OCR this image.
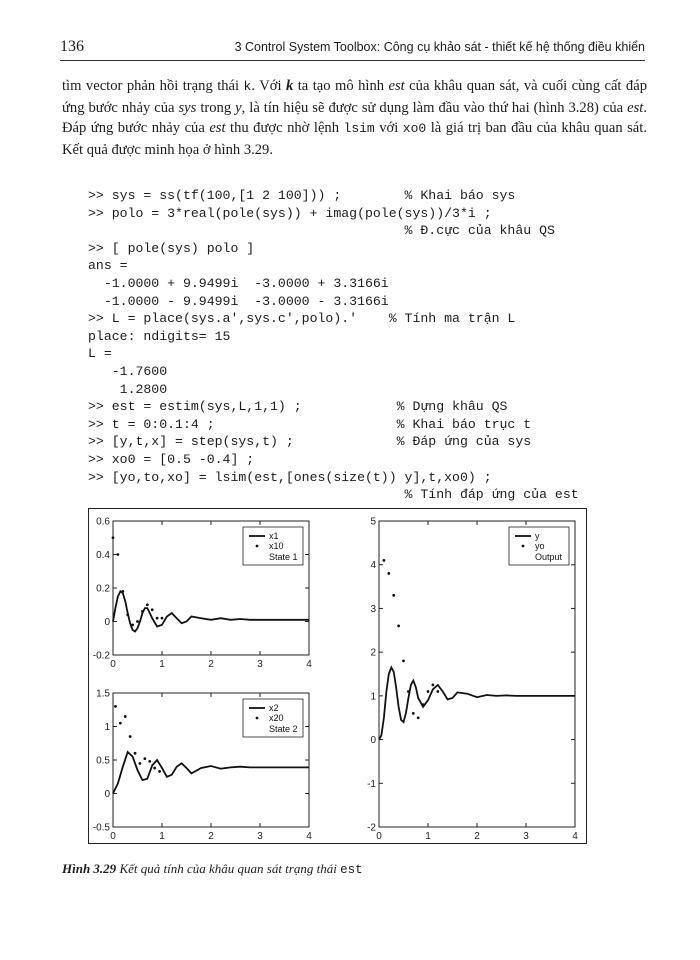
136	3 Control System Toolbox: Công cụ khảo sát - thiết kế hệ thống điều khiển

tìm vector phản hồi trạng thái k. Với k ta tạo mô hình est của khâu quan sát, và cuối cùng cất đáp ứng bước nhảy của sys trong y, là tín hiệu sẽ được sử dụng làm đầu vào thứ hai (hình 3.28) của est. Đáp ứng bước nhảy của est thu được nhờ lệnh lsim với xo0 là giá trị ban đầu của khâu quan sát. Kết quả được minh họa ở hình 3.29.

>> sys = ss(tf(100,[1 2 100])) ;        % Khai báo sys
>> polo = 3*real(pole(sys)) + imag(pole(sys))/3*i ;
% Đ.cực của khâu QS
>> [ pole(sys) polo ]
ans =
-1.0000 + 9.9499i  -3.0000 + 3.3166i
-1.0000 - 9.9499i  -3.0000 - 3.3166i
>> L = place(sys.a',sys.c',polo).'    % Tính ma trận L
place: ndigits= 15
L =
-1.7600
1.2800
>> est = estim(sys,L,1,1) ;            % Dựng khâu QS
>> t = 0:0.1:4 ;                       % Khai báo trục t
>> [y,t,x] = step(sys,t) ;             % Đáp ứng của sys
>> xo0 = [0.5 -0.4] ;
>> [yo,to,xo] = lsim(est,[ones(size(t)) y],t,xo0) ;
% Tính đáp ứng của est
0	1	2	3	4
-0.2
0
0.2
0.4
0.6
x1
x10
State 1
0	1	2	3	4
-0.5
0
0.5
1
1.5
x2
x20
State 2
0	1	2	3	4
-2
-1
0
1
2
3
4
5
y
yo
Output
Hình 3.29 Kết quả tính của khâu quan sát trạng thái est
